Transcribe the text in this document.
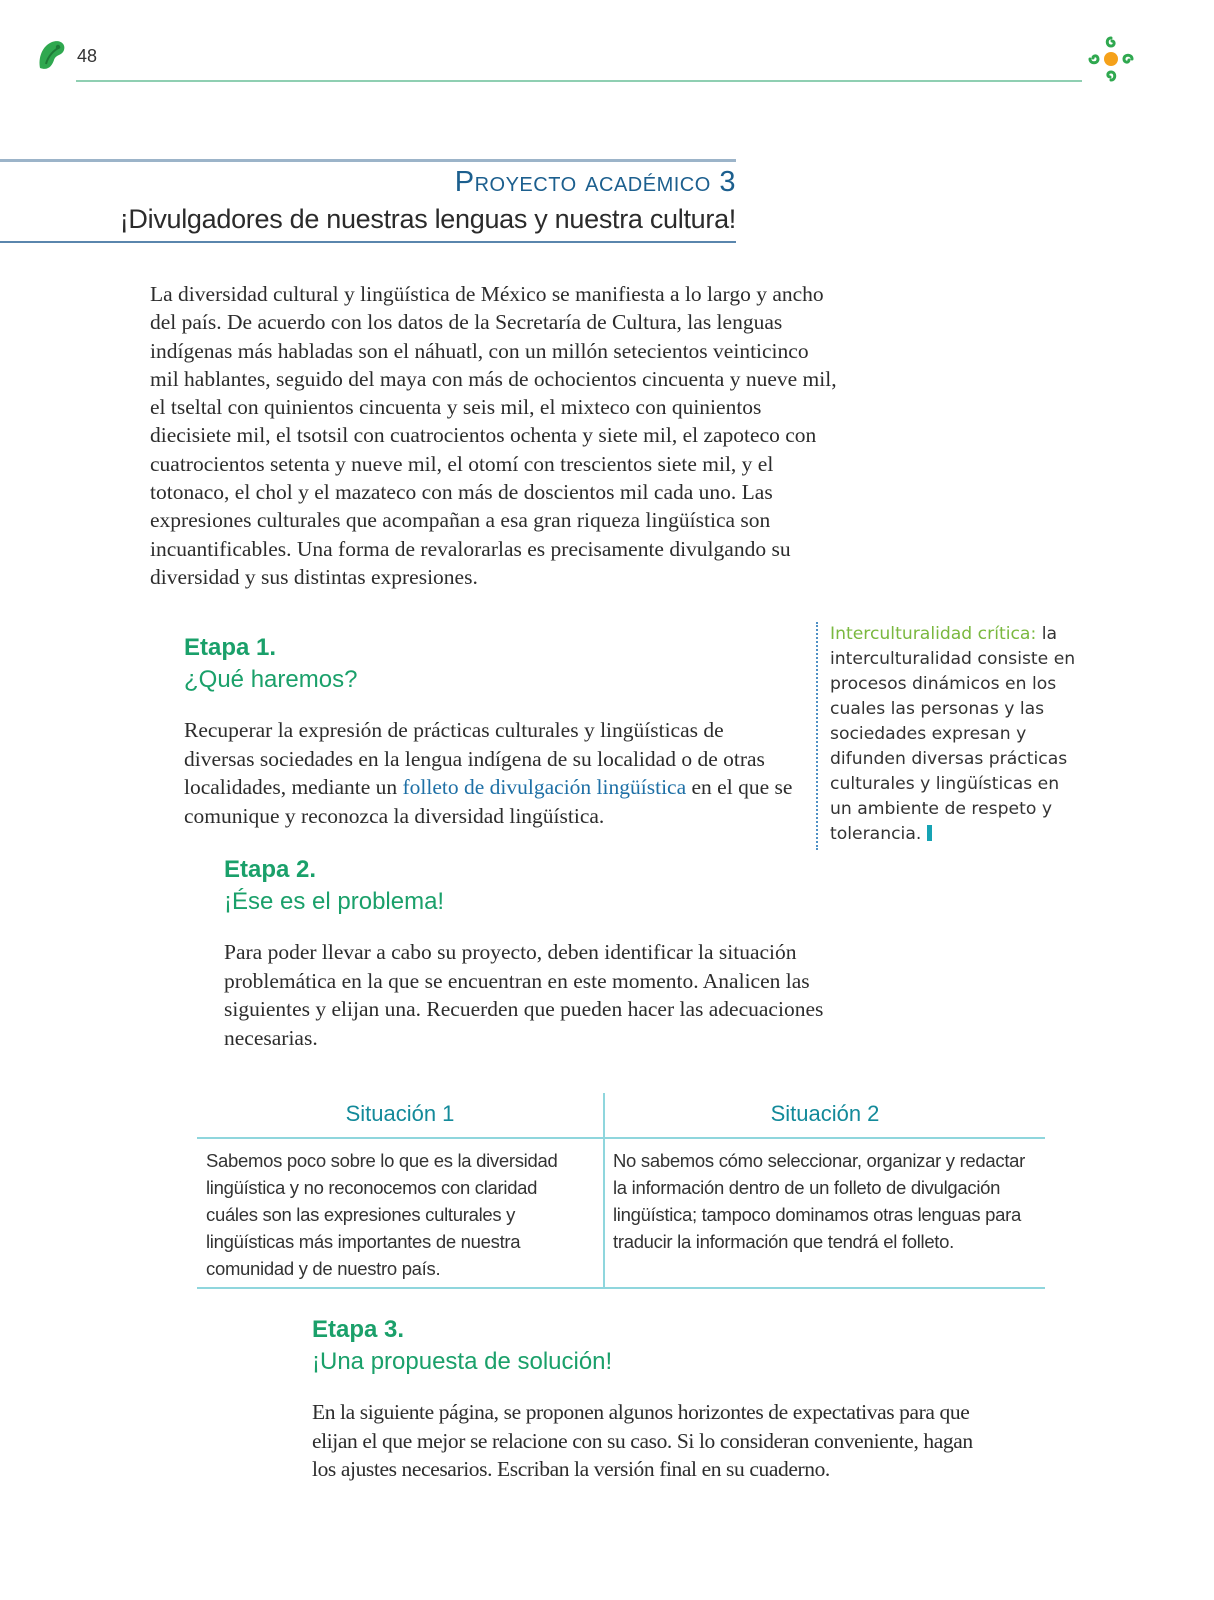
48
Proyecto académico 3
¡Divulgadores de nuestras lenguas y nuestra cultura!

La diversidad cultural y lingüística de México se manifiesta a lo largo y ancho del país. De acuerdo con los datos de la Secretaría de Cultura, las lenguas indígenas más habladas son el náhuatl, con un millón setecientos veinticinco mil hablantes, seguido del maya con más de ochocientos cincuenta y nueve mil, el tseltal con quinientos cincuenta y seis mil, el mixteco con quinientos diecisiete mil, el tsotsil con cuatrocientos ochenta y siete mil, el zapoteco con cuatrocientos setenta y nueve mil, el otomí con trescientos siete mil, y el totonaco, el chol y el mazateco con más de doscientos mil cada uno. Las expresiones culturales que acompañan a esa gran riqueza lingüística son incuantificables. Una forma de revalorarlas es precisamente divulgando su diversidad y sus distintas expresiones.

Etapa 1.
¿Qué haremos?

Recuperar la expresión de prácticas culturales y lingüísticas de diversas sociedades en la lengua indígena de su localidad o de otras localidades, mediante un folleto de divulgación lingüística en el que se comunique y reconozca la diversidad lingüística.

Interculturalidad crítica: la interculturalidad consiste en procesos dinámicos en los cuales las personas y las sociedades expresan y difunden diversas prácticas culturales y lingüísticas en un ambiente de respeto y tolerancia.

Etapa 2.
¡Ése es el problema!

Para poder llevar a cabo su proyecto, deben identificar la situación problemática en la que se encuentran en este momento. Analicen las siguientes y elijan una. Recuerden que pueden hacer las adecuaciones necesarias.

Situación 1	Situación 2

Sabemos poco sobre lo que es la diversidad lingüística y no reconocemos con claridad cuáles son las expresiones culturales y lingüísticas más importantes de nuestra comunidad y de nuestro país.

No sabemos cómo seleccionar, organizar y redactar la información dentro de un folleto de divulgación lingüística; tampoco dominamos otras lenguas para traducir la información que tendrá el folleto.

Etapa 3.
¡Una propuesta de solución!

En la siguiente página, se proponen algunos horizontes de expectativas para que elijan el que mejor se relacione con su caso. Si lo consideran conveniente, hagan los ajustes necesarios. Escriban la versión final en su cuaderno.
